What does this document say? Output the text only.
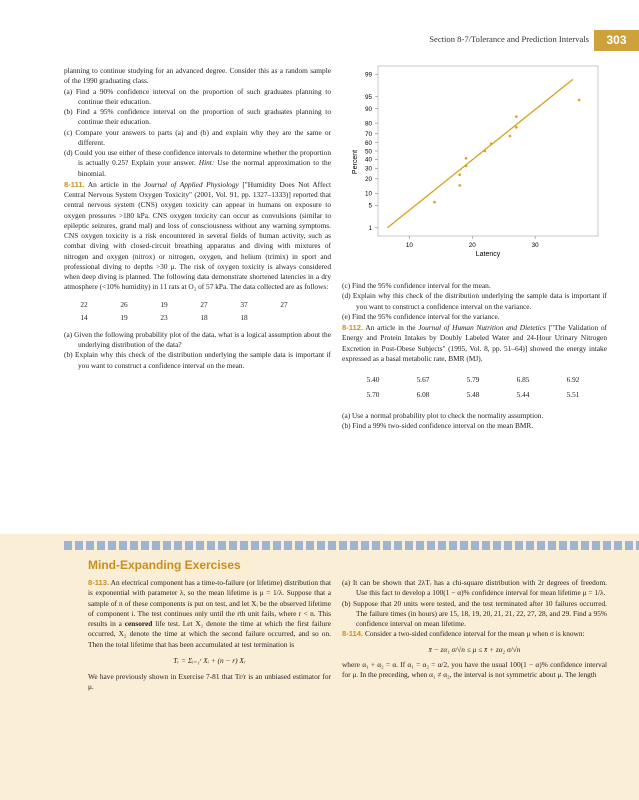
Section 8-7/Tolerance and Prediction Intervals	303

planning to continue studying for an advanced degree. Consider this as a random sample of the 1990 graduating class.

(a) Find a 90% confidence interval on the proportion of such graduates planning to continue their education.

(b) Find a 95% confidence interval on the proportion of such graduates planning to continue their education.

(c) Compare your answers to parts (a) and (b) and explain why they are the same or different.

(d) Could you use either of these confidence intervals to determine whether the proportion is actually 0.25? Explain your answer. Hint: Use the normal approximation to the binomial.

8-111. An article in the Journal of Applied Physiology ["Humidity Does Not Affect Central Nervous System Oxygen Toxicity" (2001, Vol. 91, pp. 1327–1333)] reported that central nervous system (CNS) oxygen toxicity can appear in humans on exposure to oxygen pressures >180 kPa. CNS oxygen toxicity can occur as convulsions (similar to epileptic seizures, grand mal) and loss of consciousness without any warning symptoms. CNS oxygen toxicity is a risk encountered in several fields of human activity, such as combat diving with closed-circuit breathing apparatus and diving with mixtures of nitrogen and oxygen (nitrox) or nitrogen, oxygen, and helium (trimix) in sport and professional diving to depths >30 μ. The risk of oxygen toxicity is always considered when deep diving is planned. The following data demonstrate shortened latencies in a dry atmosphere (<10% humidity) in 11 rats at O₂ of 57 kPa. The data collected are as follows:

22	26	19	27	37	27
14	19	23	18	18	

(a) Given the following probability plot of the data, what is a logical assumption about the underlying distribution of the data?

(b) Explain why this check of the distribution underlying the sample data is important if you want to construct a confidence interval on the mean.

1
5
10
20
30
40
50
60
70
80
90
95
99
10	20	30
Percent
Latency

(c) Find the 95% confidence interval for the mean.

(d) Explain why this check of the distribution underlying the sample data is important if you want to construct a confidence interval on the variance.

(e) Find the 95% confidence interval for the variance.

8-112. An article in the Journal of Human Nutrition and Dietetics ["The Validation of Energy and Protein Intakes by Doubly Labeled Water and 24-Hour Urinary Nitrogen Excretion in Post-Obese Subjects" (1995, Vol. 8, pp. 51–64)] showed the energy intake expressed as a basal metabolic rate, BMR (MJ).

5.40	5.67	5.79	6.85	6.92
5.70	6.08	5.48	5.44	5.51

(a) Use a normal probability plot to check the normality assumption.

(b) Find a 99% two-sided confidence interval on the mean BMR.

Mind-Expanding Exercises

8-113. An electrical component has a time-to-failure (or lifetime) distribution that is exponential with parameter λ, so the mean lifetime is μ = 1/λ. Suppose that a sample of n of these components is put on test, and let Xᵢ be the observed lifetime of component i. The test continues only until the rth unit fails, where r < n. This results in a censored life test. Let X₁ denote the time at which the first failure occurred, X₂ denote the time at which the second failure occurred, and so on. Then the total lifetime that has been accumulated at test termination is

Tᵣ = Σᵢ₌₁ʳ Xᵢ + (n − r) Xᵣ

We have previously shown in Exercise 7-81 that Tr/r is an unbiased estimator for μ.

(a) It can be shown that 2λTᵣ has a chi-square distribution with 2r degrees of freedom. Use this fact to develop a 100(1 − α)% confidence interval for mean lifetime μ = 1/λ.

(b) Suppose that 20 units were tested, and the test terminated after 10 failures occurred. The failure times (in hours) are 15, 18, 19, 20, 21, 21, 22, 27, 28, and 29. Find a 95% confidence interval on mean lifetime.

8-114. Consider a two-sided confidence interval for the mean μ when σ is known:

x̄ − zα₁ σ/√n ≤ μ ≤ x̄ + zα₂ σ/√n

where α₁ + α₂ = α. If α₁ = α₂ = α/2, you have the usual 100(1 − α)% confidence interval for μ. In the preceding, when α₁ ≠ α₂, the interval is not symmetric about μ. The length
